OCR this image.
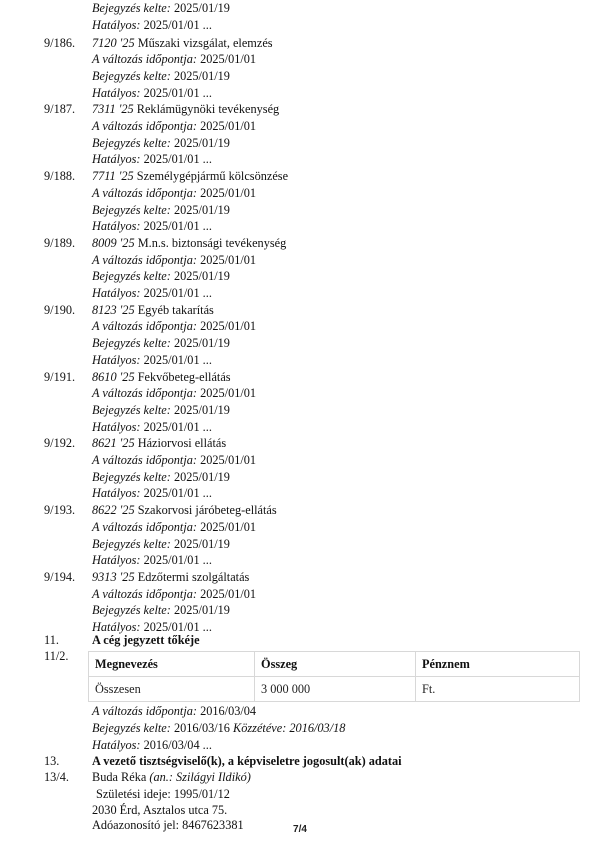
Bejegyzés kelte: 2025/01/19
Hatályos: 2025/01/01 ...
9/186. 7120 '25 Műszaki vizsgálat, elemzés
A változás időpontja: 2025/01/01
Bejegyzés kelte: 2025/01/19
Hatályos: 2025/01/01 ...
9/187. 7311 '25 Reklámügynöki tevékenység
A változás időpontja: 2025/01/01
Bejegyzés kelte: 2025/01/19
Hatályos: 2025/01/01 ...
9/188. 7711 '25 Személygépjármű kölcsönzése
A változás időpontja: 2025/01/01
Bejegyzés kelte: 2025/01/19
Hatályos: 2025/01/01 ...
9/189. 8009 '25 M.n.s. biztonsági tevékenység
A változás időpontja: 2025/01/01
Bejegyzés kelte: 2025/01/19
Hatályos: 2025/01/01 ...
9/190. 8123 '25 Egyéb takarítás
A változás időpontja: 2025/01/01
Bejegyzés kelte: 2025/01/19
Hatályos: 2025/01/01 ...
9/191. 8610 '25 Fekvőbeteg-ellátás
A változás időpontja: 2025/01/01
Bejegyzés kelte: 2025/01/19
Hatályos: 2025/01/01 ...
9/192. 8621 '25 Háziorvosi ellátás
A változás időpontja: 2025/01/01
Bejegyzés kelte: 2025/01/19
Hatályos: 2025/01/01 ...
9/193. 8622 '25 Szakorvosi járóbeteg-ellátás
A változás időpontja: 2025/01/01
Bejegyzés kelte: 2025/01/19
Hatályos: 2025/01/01 ...
9/194. 9313 '25 Edzőtermi szolgáltatás
A változás időpontja: 2025/01/01
Bejegyzés kelte: 2025/01/19
Hatályos: 2025/01/01 ...
11.	A cég jegyzett tőkéje
11/2.
Megnevezés	Összeg	Pénznem
Összesen	3 000 000	Ft.
A változás időpontja: 2016/03/04
Bejegyzés kelte: 2016/03/16 Közzétéve: 2016/03/18
Hatályos: 2016/03/04 ...
13.	A vezető tisztségviselő(k), a képviseletre jogosult(ak) adatai
13/4. Buda Réka (an.: Szilágyi Ildikó)
Születési ideje: 1995/01/12
2030 Érd, Asztalos utca 75.
Adóazonosító jel: 8467623381	7/4
